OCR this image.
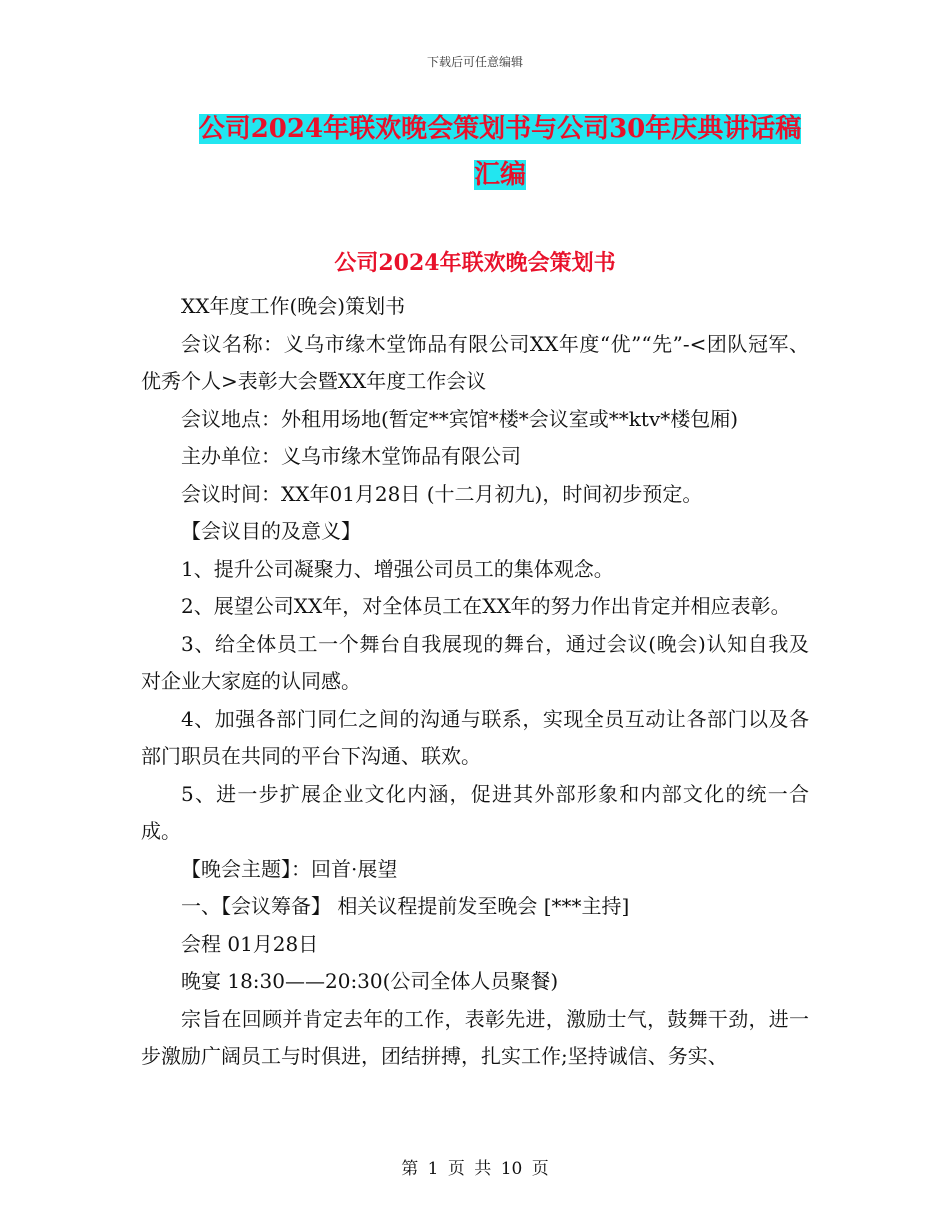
下载后可任意编辑
公司2024年联欢晚会策划书与公司30年庆典讲话稿
汇编
公司2024年联欢晚会策划书

XX年度工作(晚会)策划书

会议名称：义乌市缘木堂饰品有限公司XX年度“优”“先”-<团队冠军、优秀个人>表彰大会暨XX年度工作会议

会议地点：外租用场地(暂定**宾馆*楼*会议室或**ktv*楼包厢)

主办单位：义乌市缘木堂饰品有限公司

会议时间：XX年01月28日 (十二月初九)，时间初步预定。

【会议目的及意义】

1、提升公司凝聚力、增强公司员工的集体观念。

2、展望公司XX年，对全体员工在XX年的努力作出肯定并相应表彰。

3、给全体员工一个舞台自我展现的舞台，通过会议(晚会)认知自我及对企业大家庭的认同感。

4、加强各部门同仁之间的沟通与联系，实现全员互动让各部门以及各部门职员在共同的平台下沟通、联欢。

5、进一步扩展企业文化内涵，促进其外部形象和内部文化的统一合成。

【晚会主题】：回首·展望

一、【会议筹备】 相关议程提前发至晚会 [***主持]

会程 01月28日

晚宴 18:30——20:30(公司全体人员聚餐)

宗旨在回顾并肯定去年的工作，表彰先进，激励士气，鼓舞干劲，进一步激励广阔员工与时俱进，团结拼搏，扎实工作;坚持诚信、务实、

第 1 页 共 10 页
